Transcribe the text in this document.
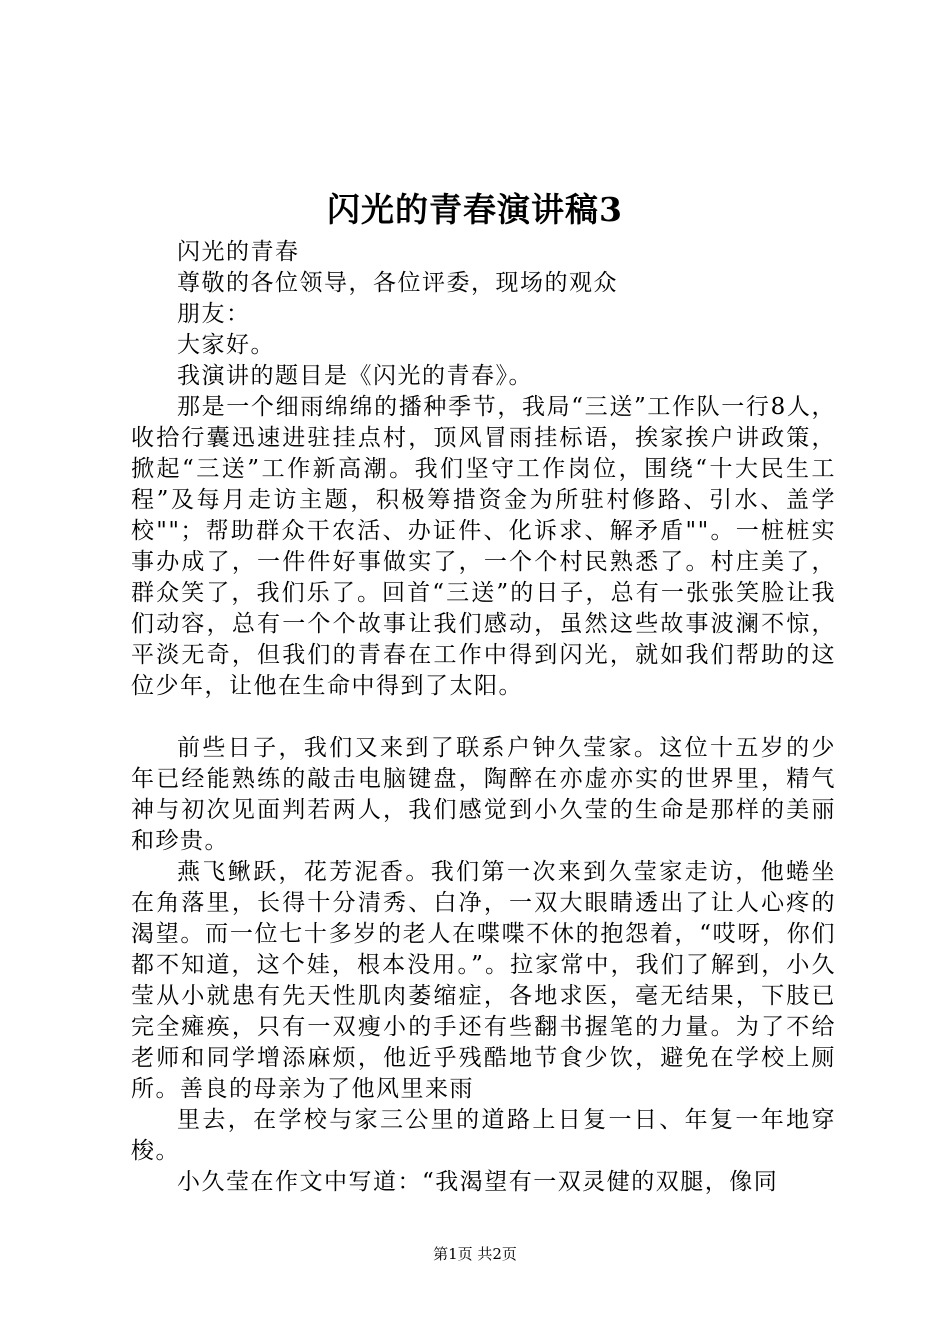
闪光的青春演讲稿3

闪光的青春

尊敬的各位领导，各位评委，现场的观众

朋友：

大家好。

我演讲的题目是《闪光的青春》。

那是一个细雨绵绵的播种季节，我局“三送”工作队一行8人，收拾行囊迅速进驻挂点村，顶风冒雨挂标语，挨家挨户讲政策，掀起“三送”工作新高潮。我们坚守工作岗位，围绕“十大民生工程”及每月走访主题，积极筹措资金为所驻村修路、引水、盖学校""；帮助群众干农活、办证件、化诉求、解矛盾""。一桩桩实事办成了，一件件好事做实了，一个个村民熟悉了。村庄美了，群众笑了，我们乐了。回首“三送”的日子，总有一张张笑脸让我们动容，总有一个个故事让我们感动，虽然这些故事波澜不惊，平淡无奇，但我们的青春在工作中得到闪光，就如我们帮助的这位少年，让他在生命中得到了太阳。

前些日子，我们又来到了联系户钟久莹家。这位十五岁的少年已经能熟练的敲击电脑键盘，陶醉在亦虚亦实的世界里，精气神与初次见面判若两人，我们感觉到小久莹的生命是那样的美丽和珍贵。

燕飞鳅跃，花芳泥香。我们第一次来到久莹家走访，他蜷坐在角落里，长得十分清秀、白净，一双大眼睛透出了让人心疼的渴望。而一位七十多岁的老人在喋喋不休的抱怨着，“哎呀，你们都不知道，这个娃，根本没用。”。拉家常中，我们了解到，小久莹从小就患有先天性肌肉萎缩症，各地求医，毫无结果，下肢已完全瘫痪，只有一双瘦小的手还有些翻书握笔的力量。为了不给老师和同学增添麻烦，他近乎残酷地节食少饮，避免在学校上厕所。善良的母亲为了他风里来雨

里去，在学校与家三公里的道路上日复一日、年复一年地穿梭。

小久莹在作文中写道：“我渴望有一双灵健的双腿，像同

第1页 共2页
